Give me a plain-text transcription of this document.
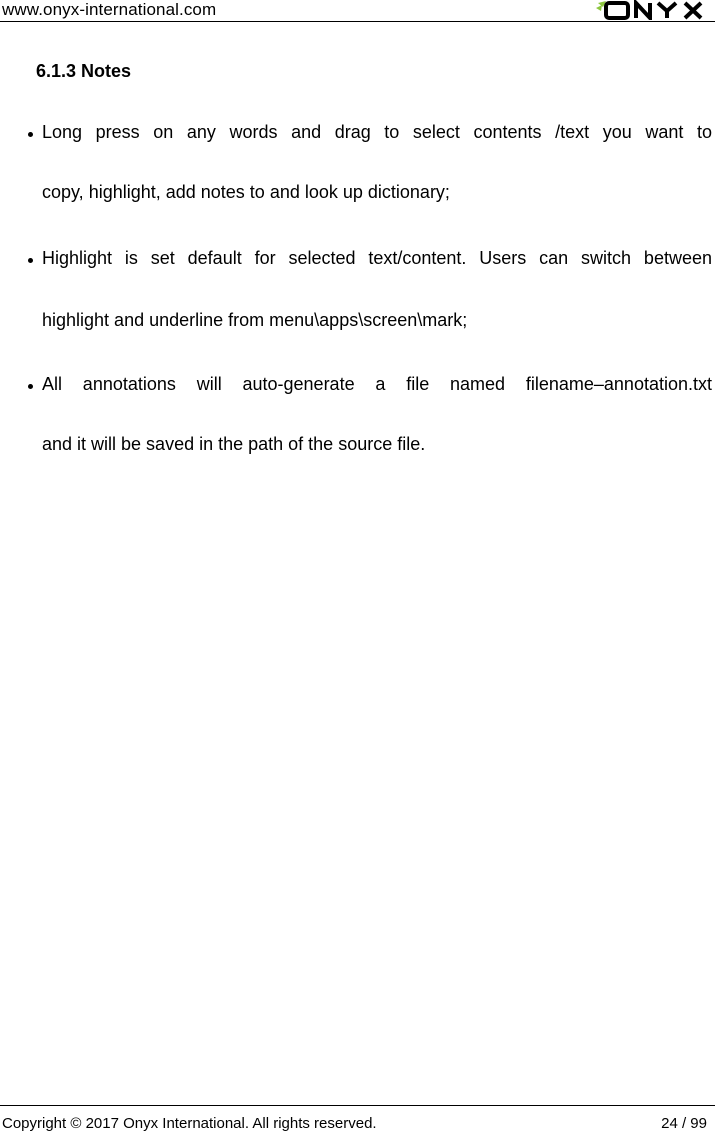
www.onyx-international.com
6.1.3 Notes
Long press on any words and drag to select contents /text you want to
copy, highlight, add notes to and look up dictionary;
Highlight is set default for selected text/content. Users can switch between
highlight and underline from menu\apps\screen\mark;
All annotations will auto-generate a file named filename–annotation.txt
and it will be saved in the path of the source file.
Copyright © 2017 Onyx International. All rights reserved.	24 / 99
